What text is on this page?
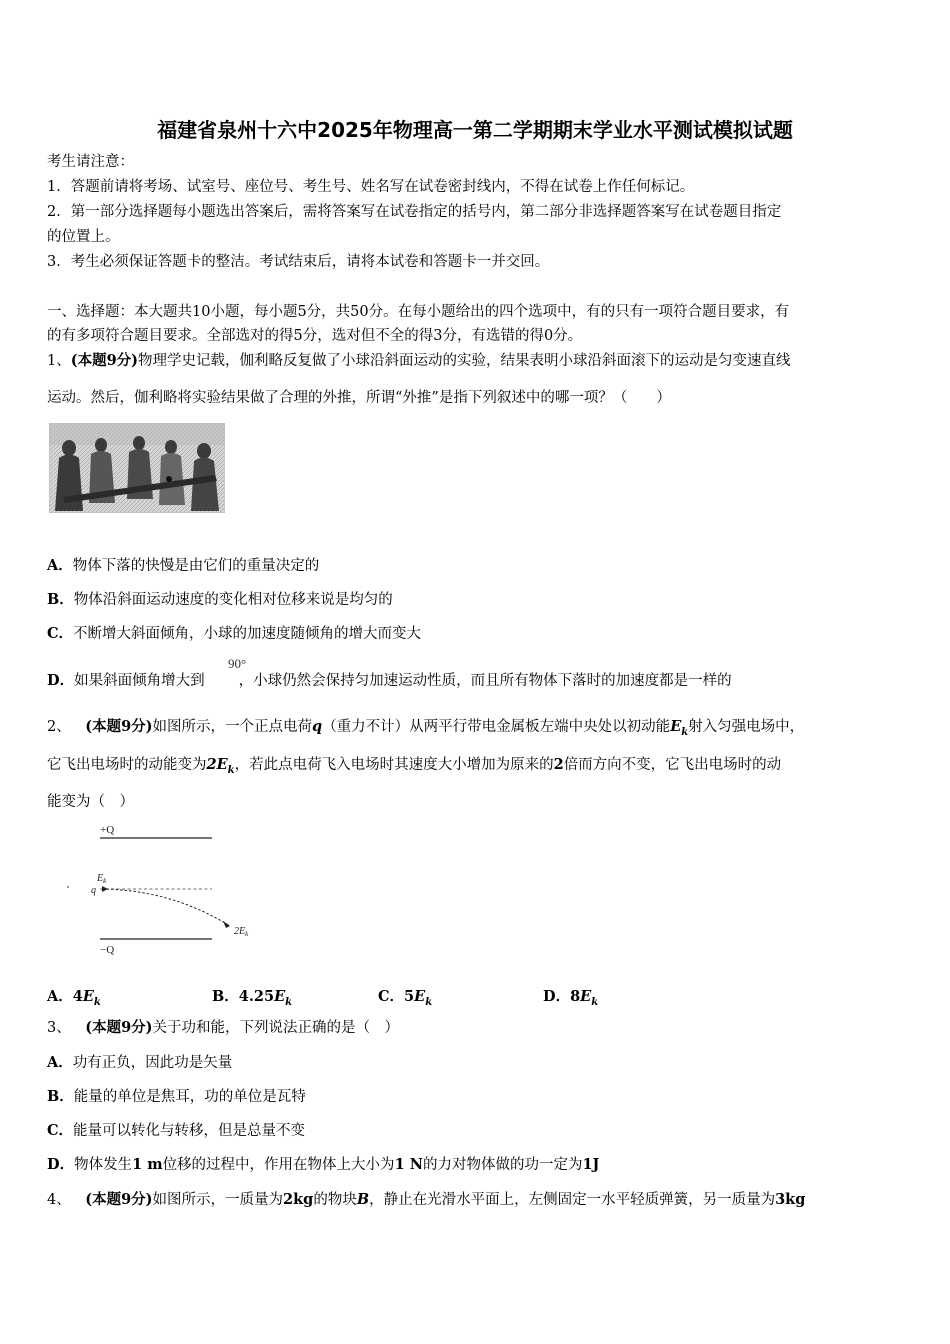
福建省泉州十六中2025年物理高一第二学期期末学业水平测试模拟试题
考生请注意：
1．答题前请将考场、试室号、座位号、考生号、姓名写在试卷密封线内，不得在试卷上作任何标记。
2．第一部分选择题每小题选出答案后，需将答案写在试卷指定的括号内，第二部分非选择题答案写在试卷题目指定
的位置上。
3．考生必须保证答题卡的整洁。考试结束后，请将本试卷和答题卡一并交回。
一、选择题：本大题共10小题，每小题5分，共50分。在每小题给出的四个选项中，有的只有一项符合题目要求，有
的有多项符合题目要求。全部选对的得5分，选对但不全的得3分，有选错的得0分。
1、(本题9分)物理学史记载，伽利略反复做了小球沿斜面运动的实验，结果表明小球沿斜面滚下的运动是匀变速直线
运动。然后，伽利略将实验结果做了合理的外推，所谓“外推”是指下列叙述中的哪一项？（　　）
A．物体下落的快慢是由它们的重量决定的
B．物体沿斜面运动速度的变化相对位移来说是均匀的
C．不断增大斜面倾角，小球的加速度随倾角的增大而变大
D．如果斜面倾角增大到 ，小球仍然会保持匀加速运动性质，而且所有物体下落时的加速度都是一样的
90°
2、  (本题9分)如图所示，一个正点电荷q（重力不计）从两平行带电金属板左端中央处以初动能$E_k$射入匀强电场中，
它飞出电场时的动能变为$2E_k$，若此点电荷飞入电场时其速度大小增加为原来的2倍而方向不变，它飞出电场时的动
能变为（　）
+Q
$E_k$
q
$2E_k$
−Q
A．$4E_k$	B．$4.25E_k$	C．$5E_k$	D．$8E_k$
3、  (本题9分)关于功和能，下列说法正确的是（　）
A．功有正负，因此功是矢量
B．能量的单位是焦耳，功的单位是瓦特
C．能量可以转化与转移，但是总量不变
D．物体发生1 m位移的过程中，作用在物体上大小为1 N的力对物体做的功一定为1J
4、  (本题9分)如图所示，一质量为2kg的物块B，静止在光滑水平面上，左侧固定一水平轻质弹簧，另一质量为3kg
